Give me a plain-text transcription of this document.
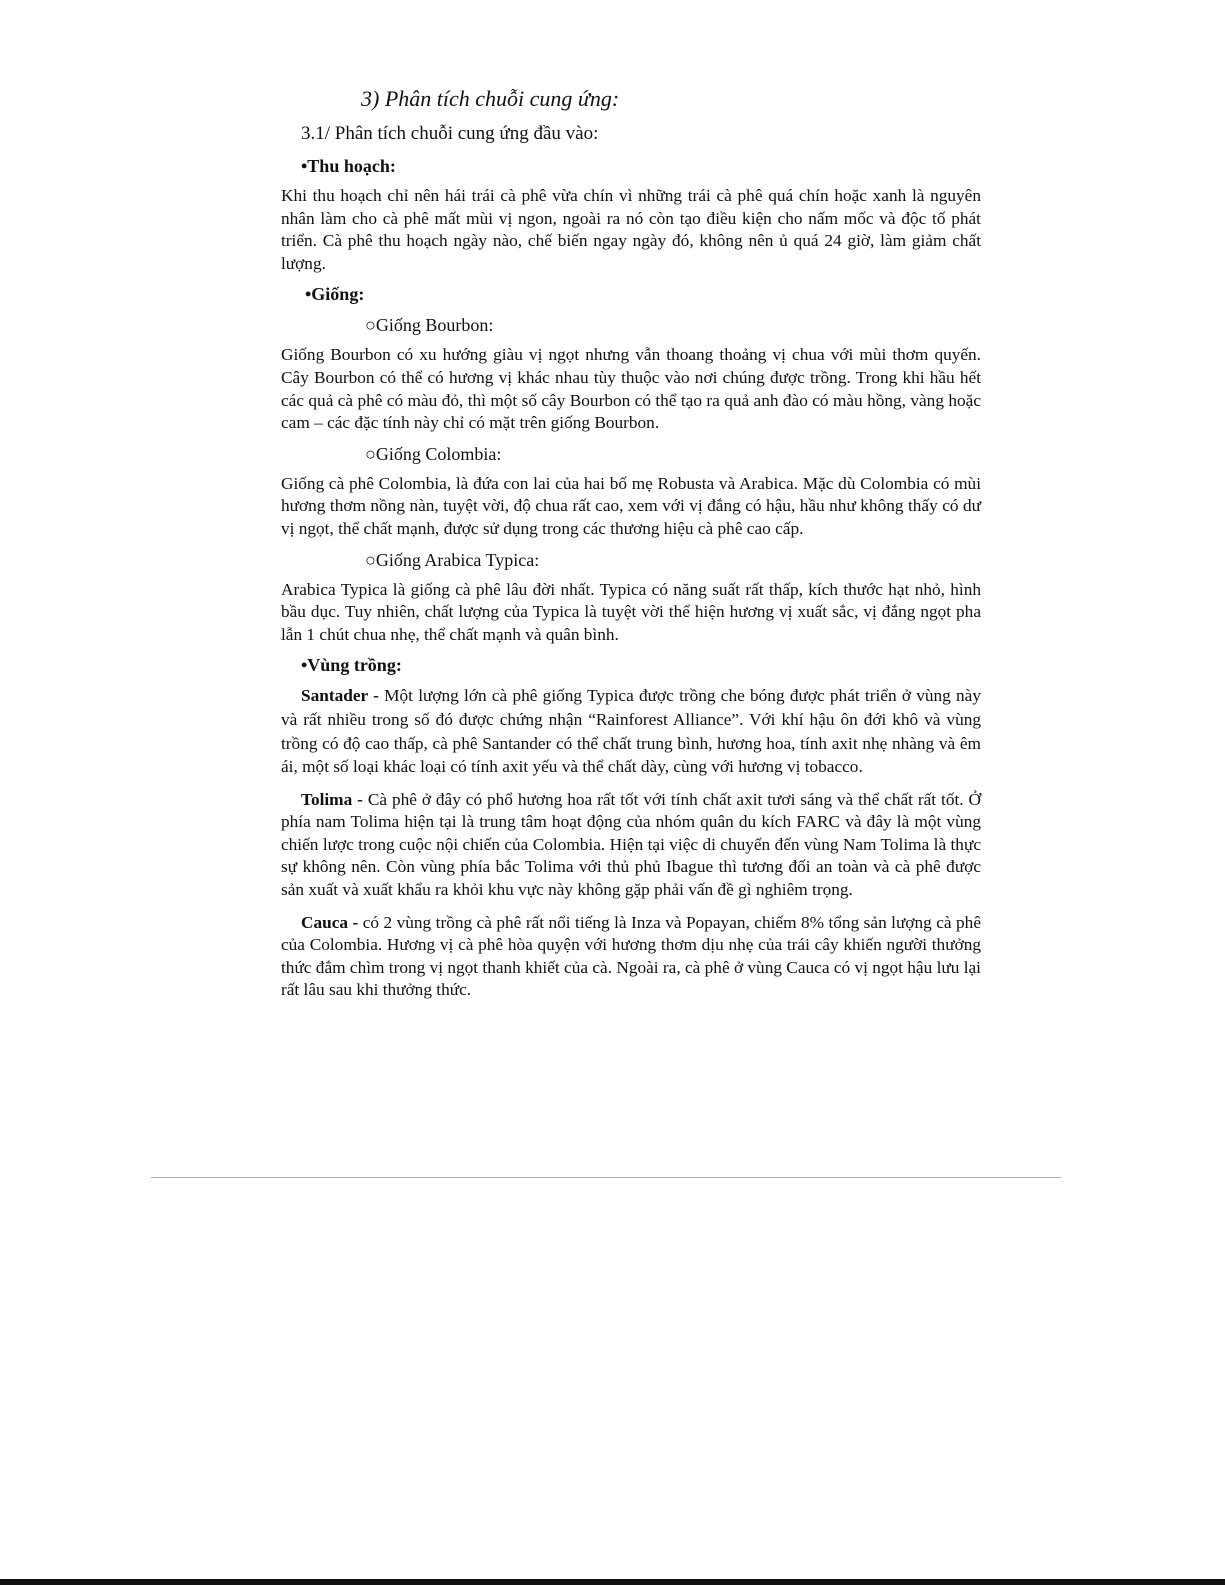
3) Phân tích chuỗi cung ứng:

3.1/ Phân tích chuỗi cung ứng đầu vào:

•Thu hoạch:

Khi thu hoạch chỉ nên hái trái cà phê vừa chín vì những trái cà phê quá chín hoặc xanh là nguyên nhân làm cho cà phê mất mùi vị ngon, ngoài ra nó còn tạo điều kiện cho nấm mốc và độc tố phát triển. Cà phê thu hoạch ngày nào, chế biến ngay ngày đó, không nên ủ quá 24 giờ, làm giảm chất lượng.

•Giống:

○Giống Bourbon:

Giống Bourbon có xu hướng giàu vị ngọt nhưng vẫn thoang thoảng vị chua với mùi thơm quyến. Cây Bourbon có thể có hương vị khác nhau tùy thuộc vào nơi chúng được trồng. Trong khi hầu hết các quả cà phê có màu đỏ, thì một số cây Bourbon có thể tạo ra quả anh đào có màu hồng, vàng hoặc cam – các đặc tính này chỉ có mặt trên giống Bourbon.

○Giống Colombia:

Giống cà phê Colombia, là đứa con lai của hai bố mẹ Robusta và Arabica. Mặc dù Colombia có mùi hương thơm nồng nàn, tuyệt vời, độ chua rất cao, xem với vị đắng có hậu, hầu như không thấy có dư vị ngọt, thể chất mạnh, được sử dụng trong các thương hiệu cà phê cao cấp.

○Giống Arabica Typica:

Arabica Typica là giống cà phê lâu đời nhất. Typica có năng suất rất thấp, kích thước hạt nhỏ, hình bầu dục. Tuy nhiên, chất lượng của Typica là tuyệt vời thể hiện hương vị xuất sắc, vị đắng ngọt pha lẫn 1 chút chua nhẹ, thể chất mạnh và quân bình.

•Vùng trồng:

Santader - Một lượng lớn cà phê giống Typica được trồng che bóng được phát triển ở vùng này và rất nhiều trong số đó được chứng nhận “Rainforest Alliance”. Với khí hậu ôn đới khô và vùng trồng có độ cao thấp, cà phê Santander có thể chất trung bình, hương hoa, tính axit nhẹ nhàng và êm ái, một số loại khác loại có tính axit yếu và thể chất dày, cùng với hương vị tobacco.

Tolima - Cà phê ở đây có phổ hương hoa rất tốt với tính chất axit tươi sáng và thể chất rất tốt. Ở phía nam Tolima hiện tại là trung tâm hoạt động của nhóm quân du kích FARC và đây là một vùng chiến lược trong cuộc nội chiến của Colombia. Hiện tại việc di chuyển đến vùng Nam Tolima là thực sự không nên. Còn vùng phía bắc Tolima với thủ phủ Ibague thì tương đối an toàn và cà phê được sản xuất và xuất khẩu ra khỏi khu vực này không gặp phải vấn đề gì nghiêm trọng.

Cauca - có 2 vùng trồng cà phê rất nổi tiếng là Inza và Popayan, chiếm 8% tổng sản lượng cà phê của Colombia. Hương vị cà phê hòa quyện với hương thơm dịu nhẹ của trái cây khiến người thưởng thức đắm chìm trong vị ngọt thanh khiết của cà. Ngoài ra, cà phê ở vùng Cauca có vị ngọt hậu lưu lại rất lâu sau khi thưởng thức.
